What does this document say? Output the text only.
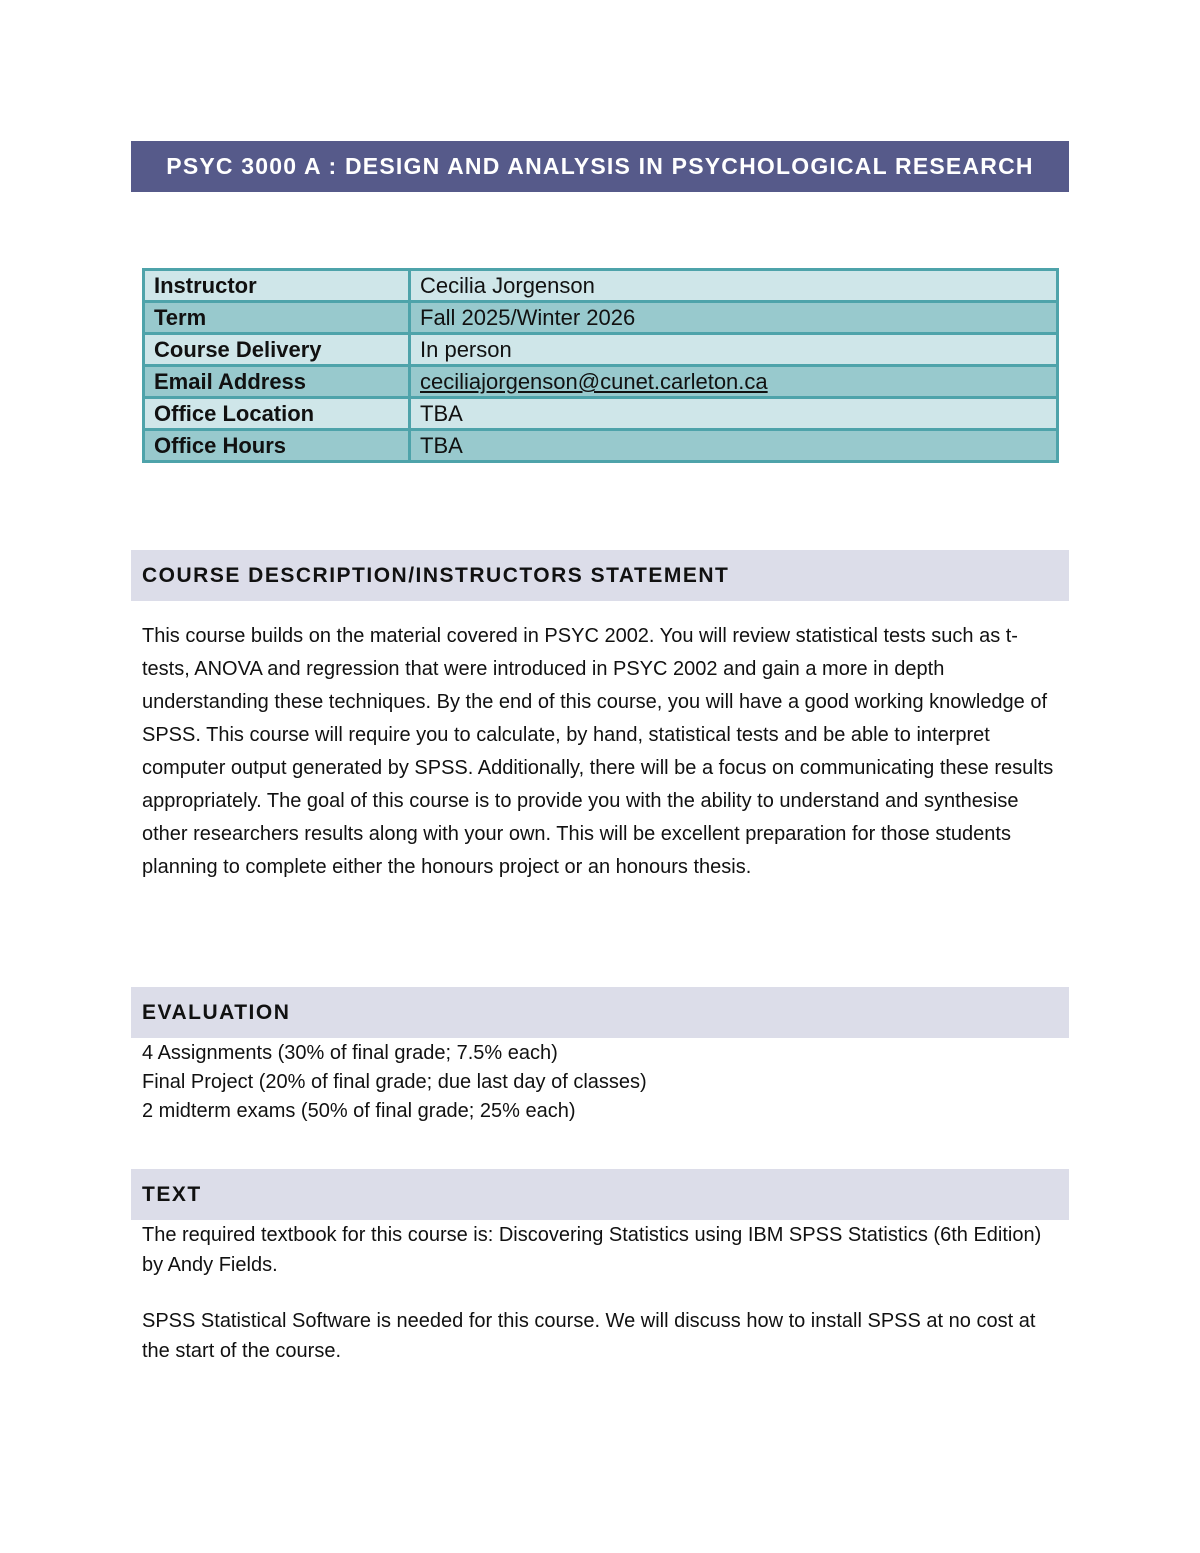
PSYC 3000 A : DESIGN AND ANALYSIS IN PSYCHOLOGICAL RESEARCH
Instructor	Cecilia Jorgenson
Term	Fall 2025/Winter 2026
Course Delivery	In person
Email Address	ceciliajorgenson@cunet.carleton.ca
Office Location	TBA
Office Hours	TBA
COURSE DESCRIPTION/INSTRUCTORS STATEMENT
This course builds on the material covered in PSYC 2002. You will review statistical tests such as t-tests, ANOVA and regression that were introduced in PSYC 2002 and gain a more in depth understanding these techniques. By the end of this course, you will have a good working knowledge of SPSS. This course will require you to calculate, by hand, statistical tests and be able to interpret computer output generated by SPSS. Additionally, there will be a focus on communicating these results appropriately. The goal of this course is to provide you with the ability to understand and synthesise other researchers results along with your own. This will be excellent preparation for those students planning to complete either the honours project or an honours thesis.
EVALUATION
4 Assignments (30% of final grade; 7.5% each)
Final Project (20% of final grade; due last day of classes)
2 midterm exams (50% of final grade; 25% each)
TEXT

The required textbook for this course is: Discovering Statistics using IBM SPSS Statistics (6th Edition) by Andy Fields.

SPSS Statistical Software is needed for this course. We will discuss how to install SPSS at no cost at the start of the course.
